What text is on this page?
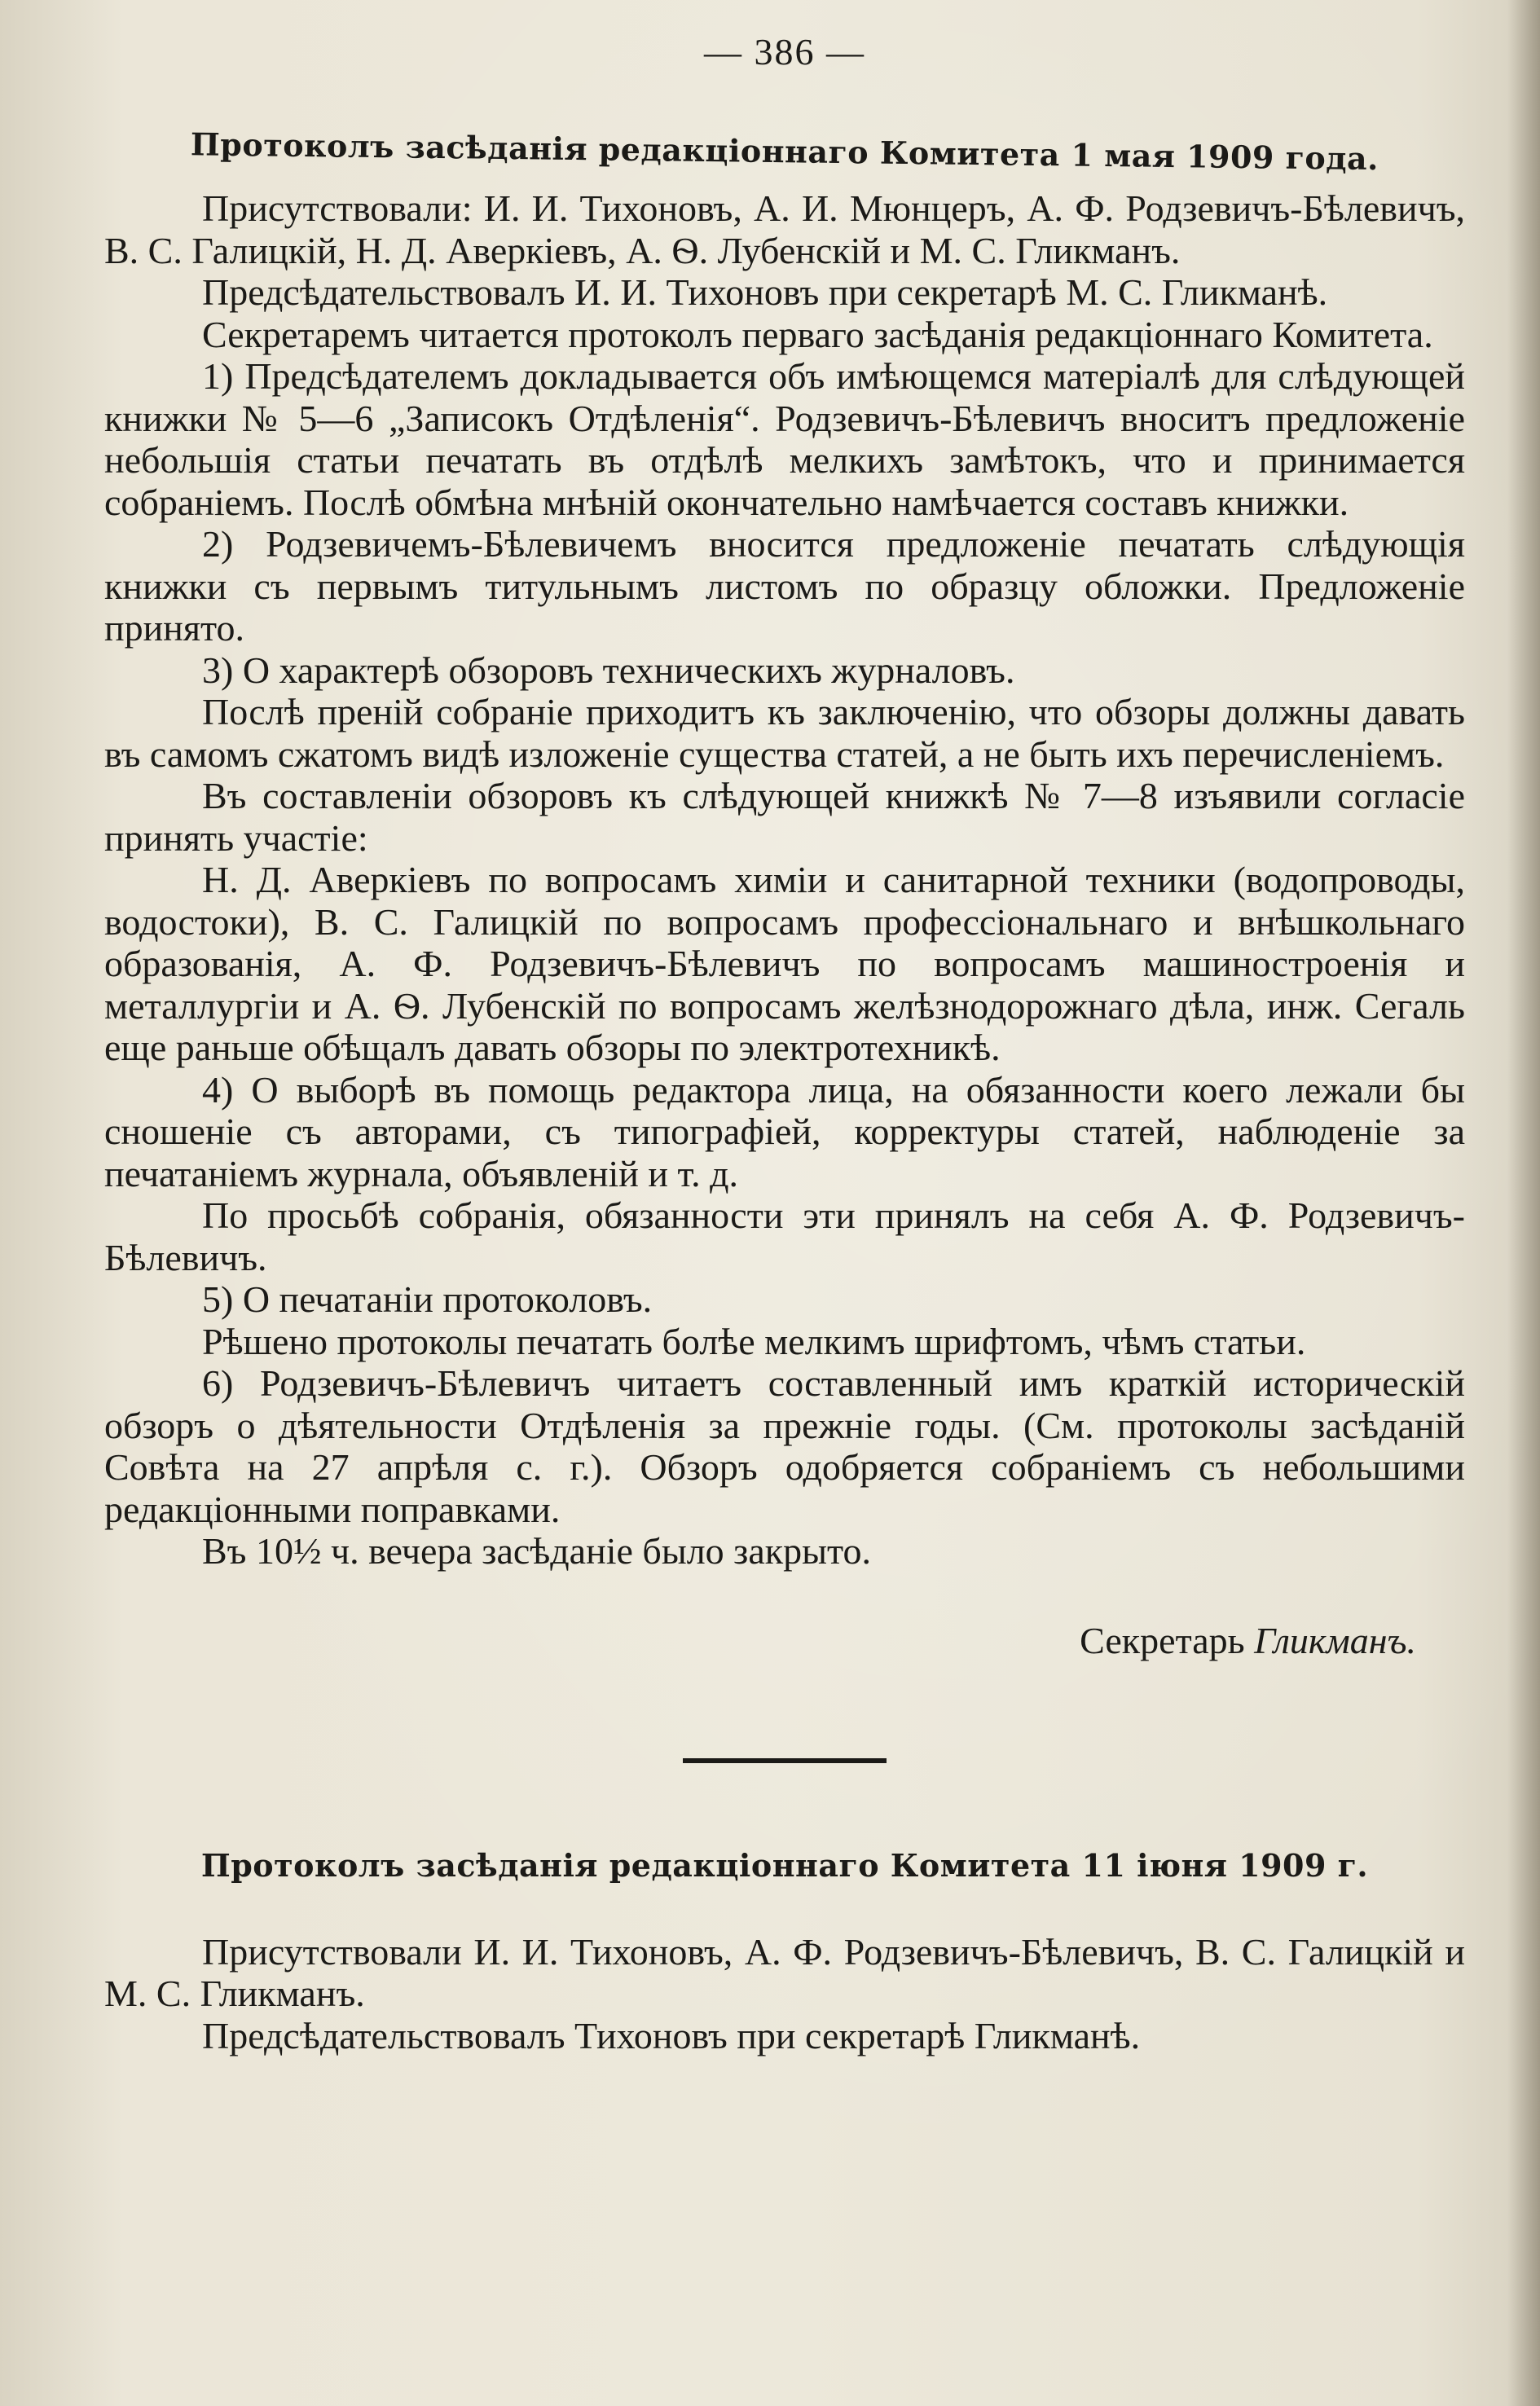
— 386 —
Протоколъ засѣданія редакціоннаго Комитета 1 мая 1909 года.

Присутствовали: И. И. Тихоновъ, А. И. Мюнцеръ, А. Ф. Родзевичъ-Бѣлевичъ, В. С. Галицкій, Н. Д. Аверкіевъ, А. Ѳ. Лубенскій и М. С. Гликманъ.

Предсѣдательствовалъ И. И. Тихоновъ при секретарѣ М. С. Гликманѣ.

Секретаремъ читается протоколъ перваго засѣданія редакціоннаго Комитета.

1) Предсѣдателемъ докладывается объ имѣющемся матеріалѣ для слѣдующей книжки № 5—6 „Записокъ Отдѣленія“. Родзевичъ-Бѣлевичъ вноситъ предложеніе небольшія статьи печатать въ отдѣлѣ мелкихъ замѣтокъ, что и принимается собраніемъ. Послѣ обмѣна мнѣній окончательно намѣчается составъ книжки.

2) Родзевичемъ-Бѣлевичемъ вносится предложеніе печатать слѣдующія книжки съ первымъ титульнымъ листомъ по образцу обложки. Предложеніе принято.

3) О характерѣ обзоровъ техническихъ журналовъ.

Послѣ преній собраніе приходитъ къ заключенію, что обзоры должны давать въ самомъ сжатомъ видѣ изложеніе существа статей, а не быть ихъ перечисленіемъ.

Въ составленіи обзоровъ къ слѣдующей книжкѣ № 7—8 изъявили согласіе принять участіе:

Н. Д. Аверкіевъ по вопросамъ химіи и санитарной техники (водопроводы, водостоки), В. С. Галицкій по вопросамъ профессіональнаго и внѣшкольнаго образованія, А. Ф. Родзевичъ-Бѣлевичъ по вопросамъ машиностроенія и металлургіи и А. Ѳ. Лубенскій по вопросамъ желѣзнодорожнаго дѣла, инж. Сегаль еще раньше обѣщалъ давать обзоры по электротехникѣ.

4) О выборѣ въ помощь редактора лица, на обязанности коего лежали бы сношеніе съ авторами, съ типографіей, корректуры статей, наблюденіе за печатаніемъ журнала, объявленій и т. д.

По просьбѣ собранія, обязанности эти принялъ на себя А. Ф. Родзевичъ-Бѣлевичъ.

5) О печатаніи протоколовъ.

Рѣшено протоколы печатать болѣе мелкимъ шрифтомъ, чѣмъ статьи.

6) Родзевичъ-Бѣлевичъ читаетъ составленный имъ краткій историческій обзоръ о дѣятельности Отдѣленія за прежніе годы. (См. протоколы засѣданій Совѣта на 27 апрѣля с. г.). Обзоръ одобряется собраніемъ съ небольшими редакціонными поправками.

Въ 10½ ч. вечера засѣданіе было закрыто.

Секретарь Гликманъ.
Протоколъ засѣданія редакціоннаго Комитета 11 іюня 1909 г.

Присутствовали И. И. Тихоновъ, А. Ф. Родзевичъ-Бѣлевичъ, В. С. Галицкій и М. С. Гликманъ.

Предсѣдательствовалъ Тихоновъ при секретарѣ Гликманѣ.
